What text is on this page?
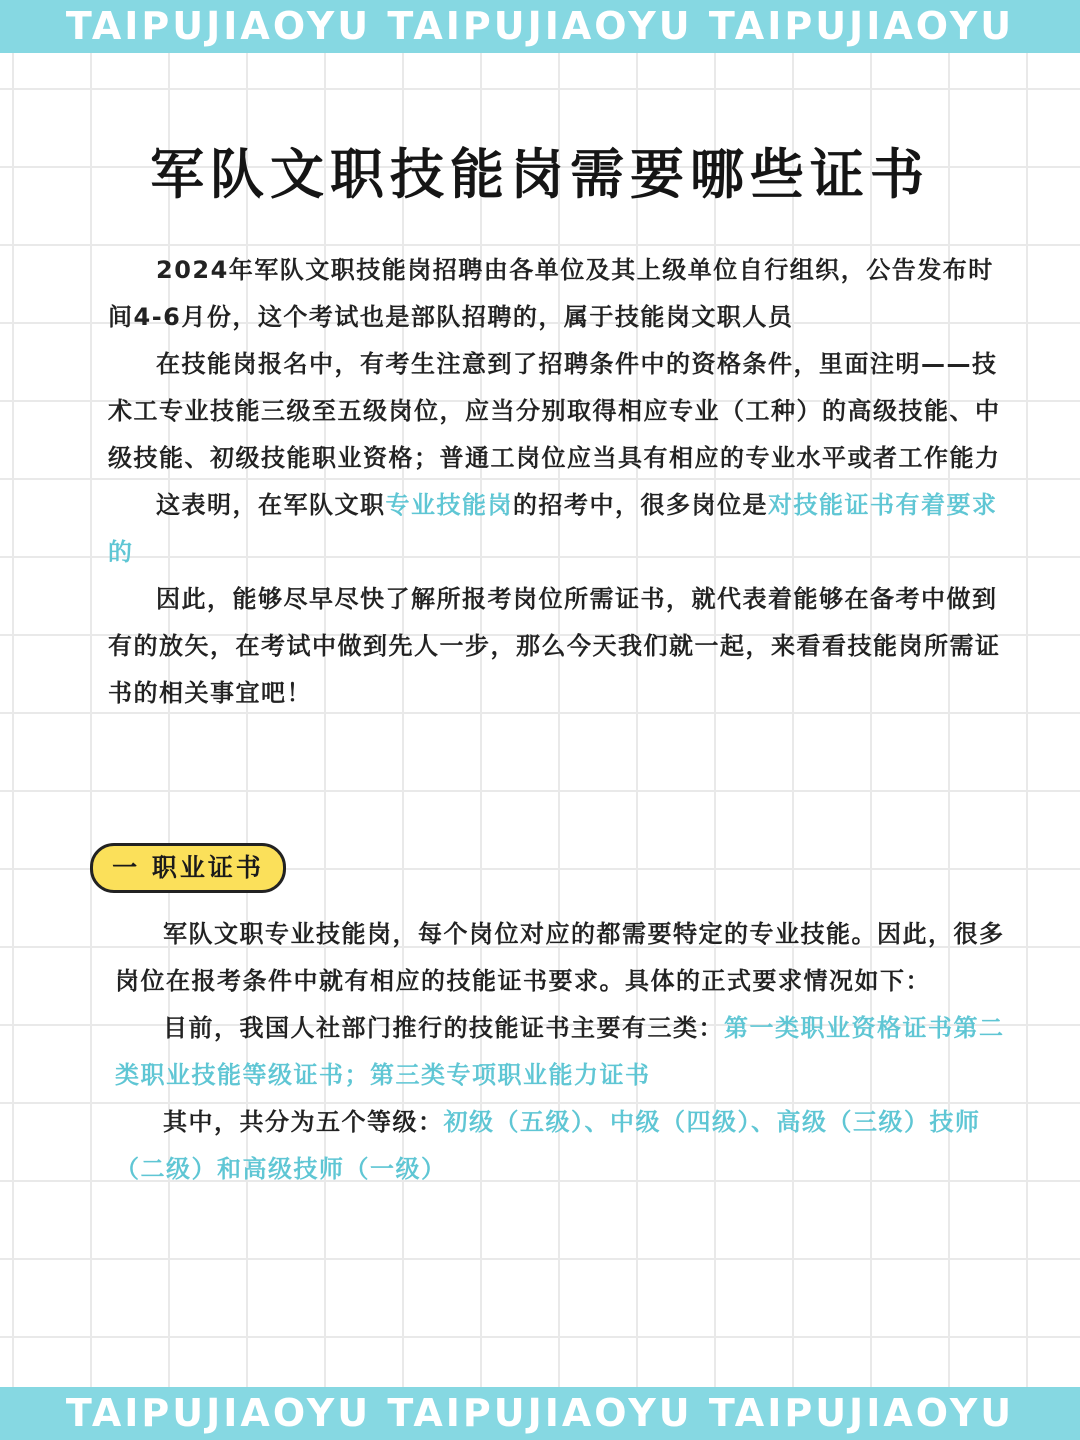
TAIPUJIAOYU TAIPUJIAOYU TAIPUJIAOYU
军队文职技能岗需要哪些证书

2024年军队文职技能岗招聘由各单位及其上级单位自行组织，公告发布时间4-6月份，这个考试也是部队招聘的，属于技能岗文职人员

在技能岗报名中，有考生注意到了招聘条件中的资格条件，里面注明——技术工专业技能三级至五级岗位，应当分别取得相应专业（工种）的高级技能、中级技能、初级技能职业资格；普通工岗位应当具有相应的专业水平或者工作能力

这表明，在军队文职专业技能岗的招考中，很多岗位是对技能证书有着要求的

因此，能够尽早尽快了解所报考岗位所需证书，就代表着能够在备考中做到有的放矢，在考试中做到先人一步，那么今天我们就一起，来看看技能岗所需证书的相关事宜吧！

一 职业证书

军队文职专业技能岗，每个岗位对应的都需要特定的专业技能。因此，很多岗位在报考条件中就有相应的技能证书要求。具体的正式要求情况如下：

目前，我国人社部门推行的技能证书主要有三类：第一类职业资格证书第二类职业技能等级证书；第三类专项职业能力证书

其中，共分为五个等级：初级（五级）、中级（四级）、高级（三级）技师（二级）和高级技师（一级）

TAIPUJIAOYU TAIPUJIAOYU TAIPUJIAOYU
